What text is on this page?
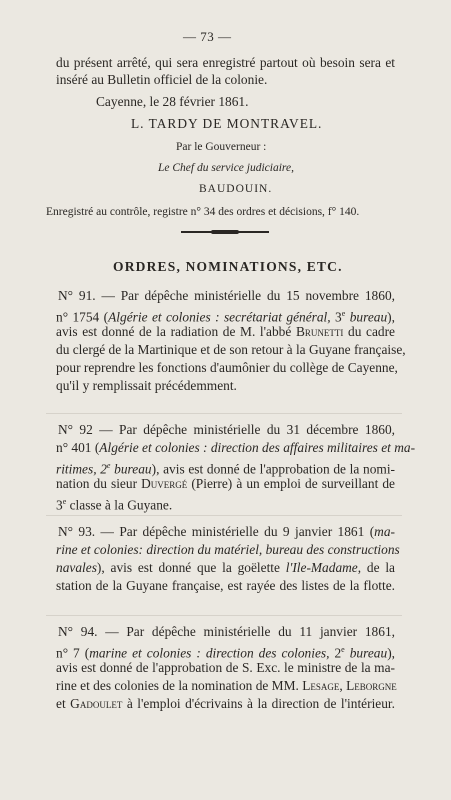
— 73 —
du présent arrêté, qui sera enregistré partout où besoin sera et
inséré au Bulletin officiel de la colonie.
Cayenne, le 28 février 1861.
L. TARDY DE MONTRAVEL.
Par le Gouverneur :
Le Chef du service judiciaire,
BAUDOUIN.
Enregistré au contrôle, registre n° 34 des ordres et décisions, f° 140.
ORDRES, NOMINATIONS, ETC.
N° 91. — Par dépêche ministérielle du 15 novembre 1860,
n° 1754 (Algérie et colonies : secrétariat général, 3e bureau),
avis est donné de la radiation de M. l'abbé Brunetti du cadre
du clergé de la Martinique et de son retour à la Guyane française,
pour reprendre les fonctions d'aumônier du collège de Cayenne,
qu'il y remplissait précédemment.
N° 92 — Par dépêche ministérielle du 31 décembre 1860,
n° 401 (Algérie et colonies : direction des affaires militaires et ma-
ritimes, 2e bureau), avis est donné de l'approbation de la nomi-
nation du sieur Duvergé (Pierre) à un emploi de surveillant de
3e classe à la Guyane.
N° 93. — Par dépêche ministérielle du 9 janvier 1861 (ma-
rine et colonies: direction du matériel, bureau des constructions
navales), avis est donné que la goëlette l'Ile-Madame, de la
station de la Guyane française, est rayée des listes de la flotte.
N° 94. — Par dépêche ministérielle du 11 janvier 1861,
n° 7 (marine et colonies : direction des colonies, 2e bureau),
avis est donné de l'approbation de S. Exc. le ministre de la ma-
rine et des colonies de la nomination de MM. Lesage, Leborgne
et Gadoulet à l'emploi d'écrivains à la direction de l'intérieur.
